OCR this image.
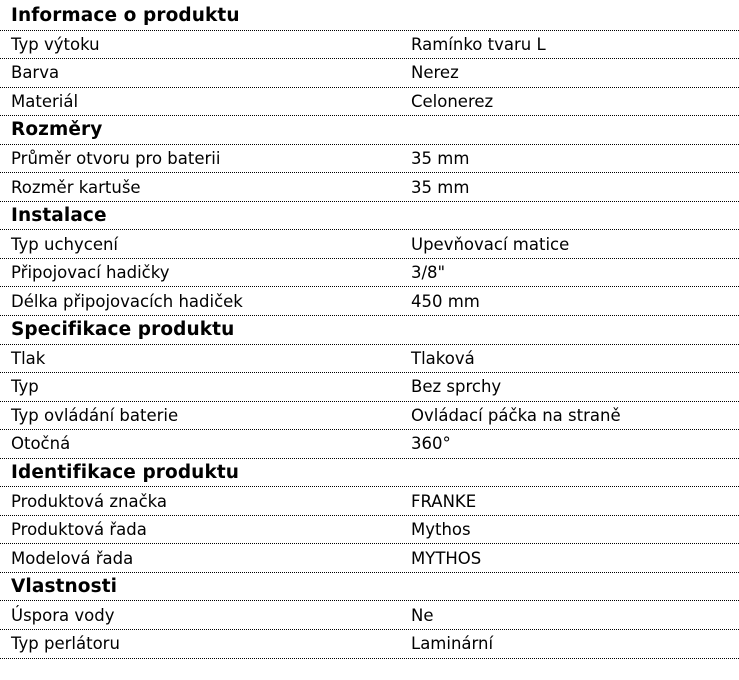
Informace o produktu
Typ výtoku	Ramínko tvaru L
Barva	Nerez
Materiál	Celonerez
Rozměry
Průměr otvoru pro baterii	35 mm
Rozměr kartuše	35 mm
Instalace
Typ uchycení	Upevňovací matice
Připojovací hadičky	3/8"
Délka připojovacích hadiček	450 mm
Specifikace produktu
Tlak	Tlaková
Typ	Bez sprchy
Typ ovládání baterie	Ovládací páčka na straně
Otočná	360°
Identifikace produktu
Produktová značka	FRANKE
Produktová řada	Mythos
Modelová řada	MYTHOS
Vlastnosti
Úspora vody	Ne
Typ perlátoru	Laminární
